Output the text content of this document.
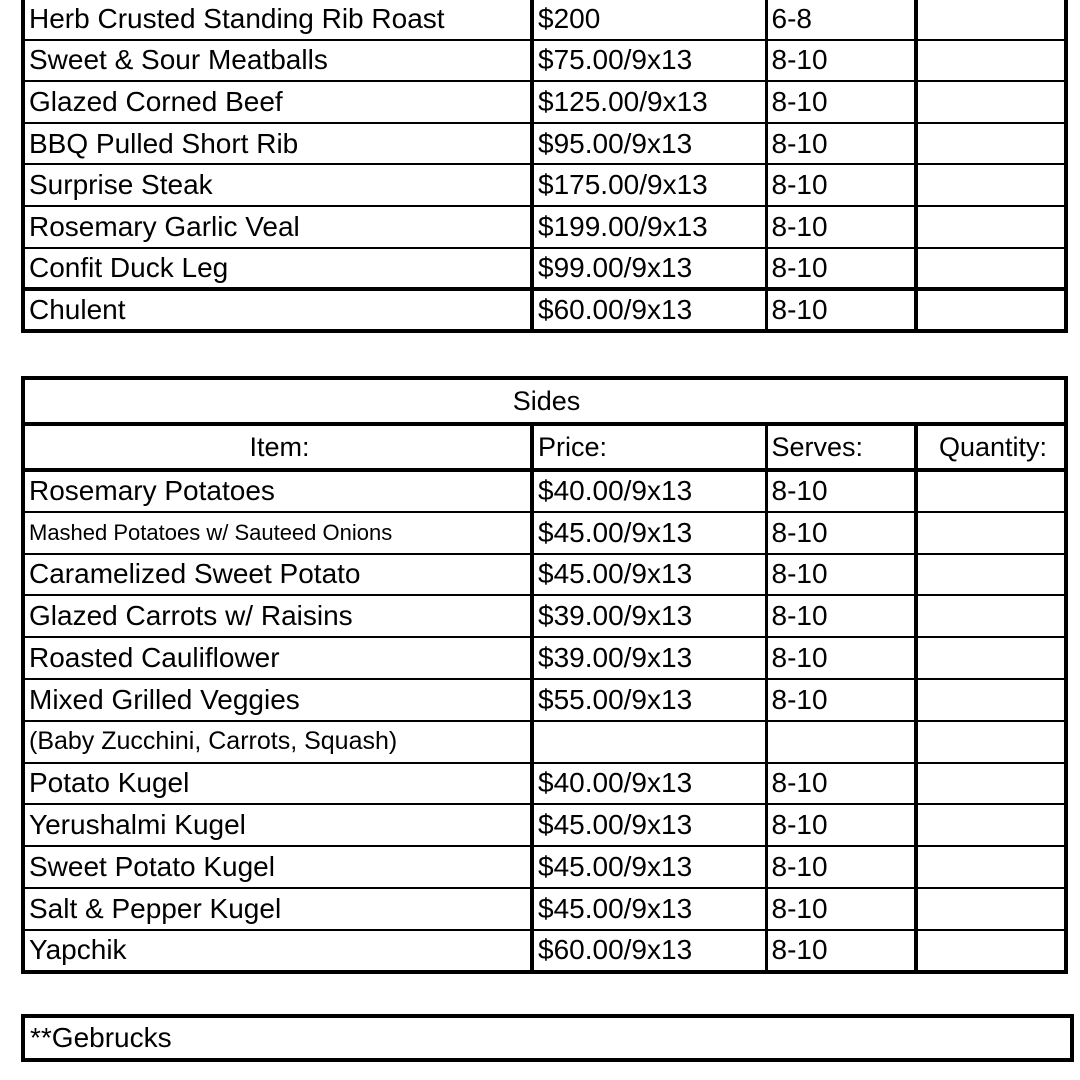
Herb Crusted Standing Rib Roast	$200	6-8	
Sweet & Sour Meatballs	$75.00/9x13	8-10	
Glazed Corned Beef	$125.00/9x13	8-10	
BBQ Pulled Short Rib	$95.00/9x13	8-10	
Surprise Steak	$175.00/9x13	8-10	
Rosemary Garlic Veal	$199.00/9x13	8-10	
Confit Duck Leg	$99.00/9x13	8-10	
Chulent	$60.00/9x13	8-10	
Sides			
Item:	Price:	Serves:	Quantity:
Rosemary Potatoes	$40.00/9x13	8-10	
Mashed Potatoes w/ Sauteed Onions	$45.00/9x13	8-10	
Caramelized Sweet Potato	$45.00/9x13	8-10	
Glazed Carrots w/ Raisins	$39.00/9x13	8-10	
Roasted Cauliflower	$39.00/9x13	8-10	
Mixed Grilled Veggies	$55.00/9x13	8-10	
(Baby Zucchini, Carrots, Squash)			
Potato Kugel	$40.00/9x13	8-10	
Yerushalmi Kugel	$45.00/9x13	8-10	
Sweet Potato Kugel	$45.00/9x13	8-10	
Salt & Pepper Kugel	$45.00/9x13	8-10	
Yapchik	$60.00/9x13	8-10	
**Gebrucks
